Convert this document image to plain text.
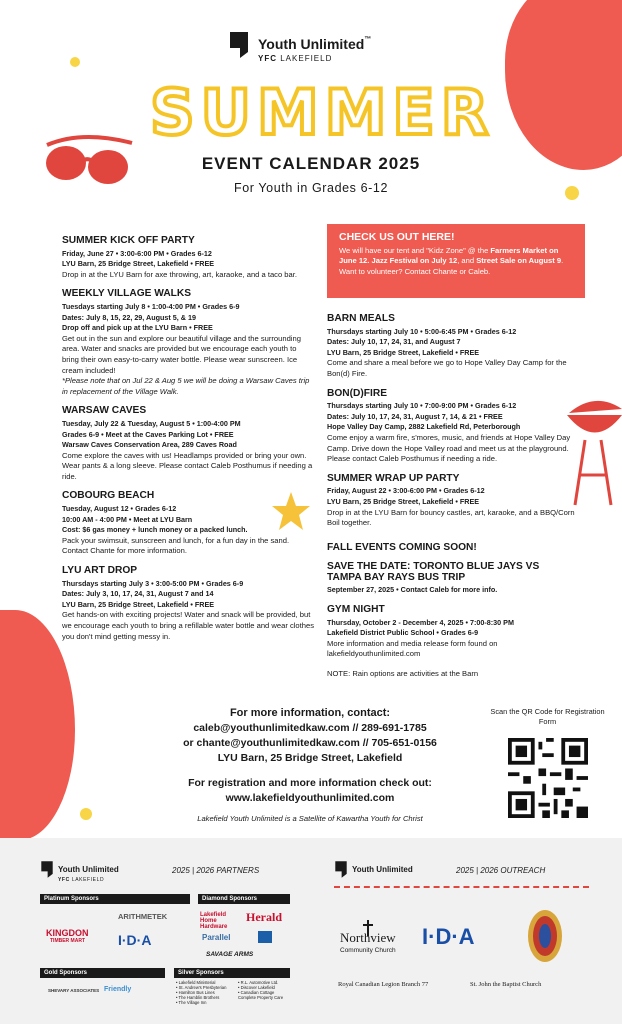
Youth Unlimited™
YFC LAKEFIELD
SUMMER
EVENT CALENDAR 2025
For Youth in Grades 6-12
SUMMER KICK OFF PARTY
Friday, June 27 • 3:00-6:00 PM • Grades 6-12
LYU Barn, 25 Bridge Street, Lakefield • FREE

Drop in at the LYU Barn for axe throwing, art, karaoke, and a taco bar.

WEEKLY VILLAGE WALKS
Tuesdays starting July 8 • 1:00-4:00 PM • Grades 6-9
Dates: July 8, 15, 22, 29, August 5, & 19
Drop off and pick up at the LYU Barn • FREE

Get out in the sun and explore our beautiful village and the surrounding area. Water and snacks are provided but we encourage each youth to bring their own easy-to-carry water bottle. Please wear sunscreen. Ice cream included!

*Please note that on Jul 22 & Aug 5 we will be doing a Warsaw Caves trip in replacement of the Village Walk.

WARSAW CAVES
Tuesday, July 22 & Tuesday, August 5 • 1:00-4:00 PM
Grades 6-9 • Meet at the Caves Parking Lot • FREE
Warsaw Caves Conservation Area, 289 Caves Road

Come explore the caves with us! Headlamps provided or bring your own. Wear pants & a long sleeve. Please contact Caleb Posthumus if needing a ride.

COBOURG BEACH
Tuesday, August 12 • Grades 6-12
10:00 AM - 4:00 PM • Meet at LYU Barn
Cost: $6 gas money + lunch money or a packed lunch.

Pack your swimsuit, sunscreen and lunch, for a fun day in the sand. Contact Chante for more information.

LYU ART DROP
Thursdays starting July 3 • 3:00-5:00 PM • Grades 6-9
Dates: July 3, 10, 17, 24, 31, August 7 and 14
LYU Barn, 25 Bridge Street, Lakefield • FREE

Get hands-on with exciting projects! Water and snack will be provided, but we encourage each youth to bring a refillable water bottle and wear clothes you don't mind getting messy in.

CHECK US OUT HERE!

We will have our tent and "Kidz Zone" @ the Farmers Market on June 12. Jazz Festival on July 12, and Street Sale on August 9. Want to volunteer? Contact Chante or Caleb.

BARN MEALS
Thursdays starting July 10 • 5:00-6:45 PM • Grades 6-12
Dates: July 10, 17, 24, 31, and August 7
LYU Barn, 25 Bridge Street, Lakefield • FREE

Come and share a meal before we go to Hope Valley Day Camp for the Bon(d) Fire.

BON(D)FIRE
Thursdays starting July 10 • 7:00-9:00 PM • Grades 6-12
Dates: July 10, 17, 24, 31, August 7, 14, & 21 • FREE
Hope Valley Day Camp, 2882 Lakefield Rd, Peterborough

Come enjoy a warm fire, s'mores, music, and friends at Hope Valley Day Camp. Drive down the Hope Valley road and meet us at the playground. Please contact Caleb Posthumus if needing a ride.

SUMMER WRAP UP PARTY
Friday, August 22 • 3:00-6:00 PM • Grades 6-12
LYU Barn, 25 Bridge Street, Lakefield • FREE

Drop in at the LYU Barn for bouncy castles, art, karaoke, and a BBQ/Corn Boil together.

FALL EVENTS COMING SOON!
SAVE THE DATE: TORONTO BLUE JAYS VS
TAMPA BAY RAYS BUS TRIP
September 27, 2025 • Contact Caleb for more info.
GYM NIGHT
Thursday, October 2 - December 4, 2025 • 7:00-8:30 PM
Lakefield District Public School • Grades 6-9

More information and media release form found on lakefieldyouthunlimited.com

NOTE: Rain options are activities at the Barn

For more information, contact:
caleb@youthunlimitedkaw.com // 289-691-1785
or chante@youthunlimitedkaw.com // 705-651-0156
LYU Barn, 25 Bridge Street, Lakefield
For registration and more information check out:
www.lakefieldyouthunlimited.com
Lakefield Youth Unlimited is a Satellite of Kawartha Youth for Christ
Scan the QR Code for Registration Form
Youth Unlimited
YFC LAKEFIELD
2025 | 2026 PARTNERS
Platinum Sponsors	Diamond Sponsors
KINGDON
TIMBER MART
ARITHMETEK
I·D·A
Lakefield Home Hardware
Herald
Parallel
SAVAGE ARMS
Gold Sponsors	Silver Sponsors
SHEVARY ASSOCIATES Friendly
• Lakefield Ministerial
• St. Andrew's Presbyterian
• Hamilton Bus Lines
• The Hamblin Brothers
• The Village Inn
• R.L. Automotive Ltd.
• Discover Lakefield
• Canadian Cottage
Complete Property Care
Youth Unlimited	2025 | 2026 OUTREACH
Northview
Community Church
I·D·A
Royal Canadian Legion Branch 77	St. John the Baptist Church
